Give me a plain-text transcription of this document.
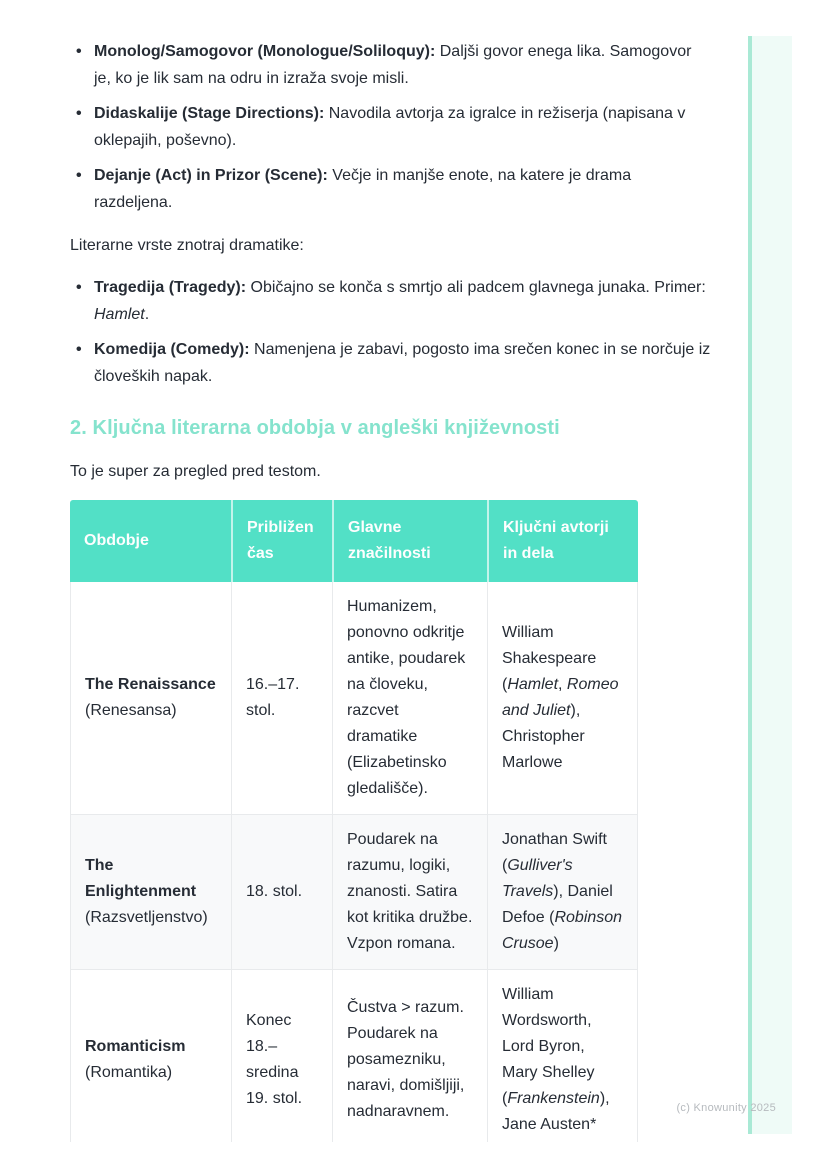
• Monolog/Samogovor (Monologue/Soliloquy): Daljši govor enega lika. Samogovor je, ko je lik sam na odru in izraža svoje misli.
• Didaskalije (Stage Directions): Navodila avtorja za igralce in režiserja (napisana v oklepajih, poševno).
• Dejanje (Act) in Prizor (Scene): Večje in manjše enote, na katere je drama razdeljena.

Literarne vrste znotraj dramatike:

• Tragedija (Tragedy): Običajno se konča s smrtjo ali padcem glavnega junaka. Primer: Hamlet.
• Komedija (Comedy): Namenjena je zabavi, pogosto ima srečen konec in se norčuje iz človeških napak.
2. Ključna literarna obdobja v angleški književnosti

To je super za pregled pred testom.

Obdobje	Približen čas	Glavne značilnosti	Ključni avtorji in dela
The Renaissance (Renesansa)	16.–17. stol.	Humanizem, ponovno odkritje antike, poudarek na človeku, razcvet dramatike (Elizabetinsko gledališče).	William Shakespeare (Hamlet, Romeo and Juliet), Christopher Marlowe
The Enlightenment (Razsvetljenstvo)	18. stol.	Poudarek na razumu, logiki, znanosti. Satira kot kritika družbe. Vzpon romana.	Jonathan Swift (Gulliver's Travels), Daniel Defoe (Robinson Crusoe)
Romanticism (Romantika)	Konec 18.– sredina 19. stol.	Čustva > razum. Poudarek na posamezniku, naravi, domišljiji, nadnaravnem.	William Wordsworth, Lord Byron, Mary Shelley (Frankenstein), Jane Austen*
(c) Knowunity 2025
